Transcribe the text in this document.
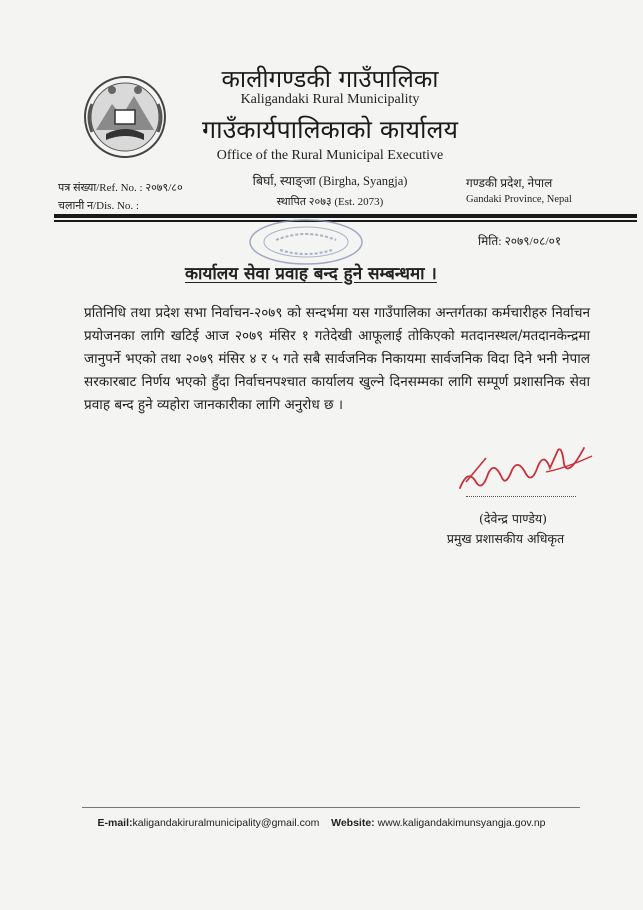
कालीगण्डकी गाउँपालिका
Kaligandaki Rural Municipality
गाउँकार्यपालिकाको कार्यालय
Office of the Rural Municipal Executive
बिर्घा, स्याङ्जा (Birgha, Syangja)
स्थापित २०७३ (Est. 2073)
पत्र संख्या/Ref. No. : २०७९/८०
चलानी न/Dis. No. :
गण्डकी प्रदेश, नेपाल
Gandaki Province, Nepal
मिति: २०७९/०८/०१
कार्यालय सेवा प्रवाह बन्द हुने सम्बन्धमा ।
प्रतिनिधि तथा प्रदेश सभा निर्वाचन-२०७९ को सन्दर्भमा यस गाउँपालिका अन्तर्गतका कर्मचारीहरु निर्वाचन प्रयोजनका लागि खटिई आज २०७९ मंसिर १ गतेदेखी आफूलाई तोकिएको मतदानस्थल/मतदानकेन्द्रमा जानुपर्ने भएको तथा २०७९ मंसिर ४ र ५ गते सबै सार्वजनिक निकायमा सार्वजनिक विदा दिने भनी नेपाल सरकारबाट निर्णय भएको हुँदा निर्वाचनपश्चात कार्यालय खुल्ने दिनसम्मका लागि सम्पूर्ण प्रशासनिक सेवा प्रवाह बन्द हुने व्यहोरा जानकारीका लागि अनुरोध छ ।
(देवेन्द्र पाण्डेय)
प्रमुख प्रशासकीय अधिकृत
E-mail:kaligandakiruralmunicipality@gmail.com Website: www.kaligandakimunsyangja.gov.np
